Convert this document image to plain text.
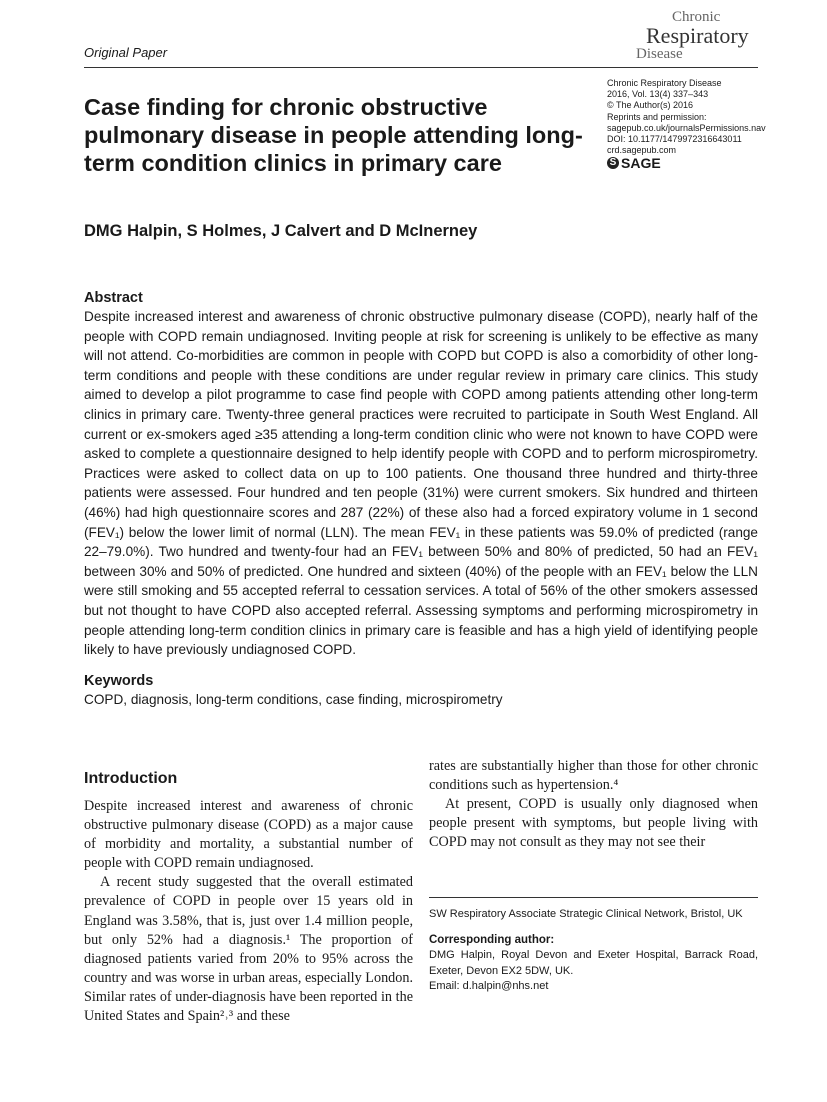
Original Paper
Chronic
Respiratory
Disease
Chronic Respiratory Disease
2016, Vol. 13(4) 337–343
© The Author(s) 2016
Reprints and permission:
sagepub.co.uk/journalsPermissions.nav
DOI: 10.1177/1479972316643011
crd.sagepub.com
S SAGE
Case finding for chronic obstructive pulmonary disease in people attending long-term condition clinics in primary care
DMG Halpin, S Holmes, J Calvert and D McInerney
Abstract

Despite increased interest and awareness of chronic obstructive pulmonary disease (COPD), nearly half of the people with COPD remain undiagnosed. Inviting people at risk for screening is unlikely to be effective as many will not attend. Co-morbidities are common in people with COPD but COPD is also a comorbidity of other long-term conditions and people with these conditions are under regular review in primary care clinics. This study aimed to develop a pilot programme to case find people with COPD among patients attending other long-term clinics in primary care. Twenty-three general practices were recruited to participate in South West England. All current or ex-smokers aged ≥35 attending a long-term condition clinic who were not known to have COPD were asked to complete a questionnaire designed to help identify people with COPD and to perform microspirometry. Practices were asked to collect data on up to 100 patients. One thousand three hundred and thirty-three patients were assessed. Four hundred and ten people (31%) were current smokers. Six hundred and thirteen (46%) had high questionnaire scores and 287 (22%) of these also had a forced expiratory volume in 1 second (FEV₁) below the lower limit of normal (LLN). The mean FEV₁ in these patients was 59.0% of predicted (range 22–79.0%). Two hundred and twenty-four had an FEV₁ between 50% and 80% of predicted, 50 had an FEV₁ between 30% and 50% of predicted. One hundred and sixteen (40%) of the people with an FEV₁ below the LLN were still smoking and 55 accepted referral to cessation services. A total of 56% of the other smokers assessed but not thought to have COPD also accepted referral. Assessing symptoms and performing microspirometry in people attending long-term condition clinics in primary care is feasible and has a high yield of identifying people likely to have previously undiagnosed COPD.

Keywords
COPD, diagnosis, long-term conditions, case finding, microspirometry
Introduction

Despite increased interest and awareness of chronic obstructive pulmonary disease (COPD) as a major cause of morbidity and mortality, a substantial number of people with COPD remain undiagnosed.

A recent study suggested that the overall estimated prevalence of COPD in people over 15 years old in England was 3.58%, that is, just over 1.4 million people, but only 52% had a diagnosis.¹ The proportion of diagnosed patients varied from 20% to 95% across the country and was worse in urban areas, especially London. Similar rates of under-diagnosis have been reported in the United States and Spain²˒³ and these

rates are substantially higher than those for other chronic conditions such as hypertension.⁴

At present, COPD is usually only diagnosed when people present with symptoms, but people living with COPD may not consult as they may not see their

SW Respiratory Associate Strategic Clinical Network, Bristol, UK

Corresponding author:

DMG Halpin, Royal Devon and Exeter Hospital, Barrack Road, Exeter, Devon EX2 5DW, UK.

Email: d.halpin@nhs.net
